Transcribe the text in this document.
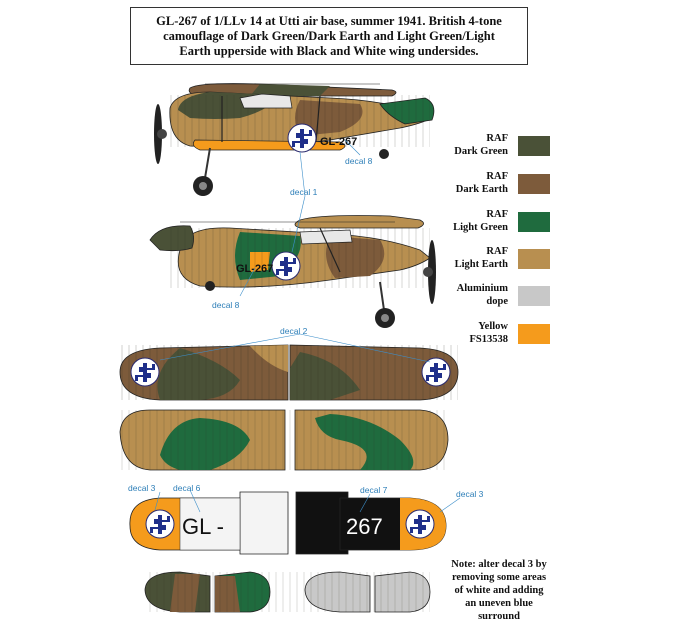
GL-267 of 1/LLv 14 at Utti air base, summer 1941. British 4-tone
camouflage of Dark Green/Dark Earth and Light Green/Light
Earth upperside with Black and White wing undersides.
GL-267
GL-267
GL -	267
decal 8
decal 1
decal 8
decal 2
decal 3 decal 6	decal 7	decal 3
RAF
Dark Green
RAF
Dark Earth
RAF
Light Green
RAF
Light Earth
Aluminium
dope
Yellow
FS13538
Note: alter decal 3 by
removing some areas
of white and adding
an uneven blue
surround
